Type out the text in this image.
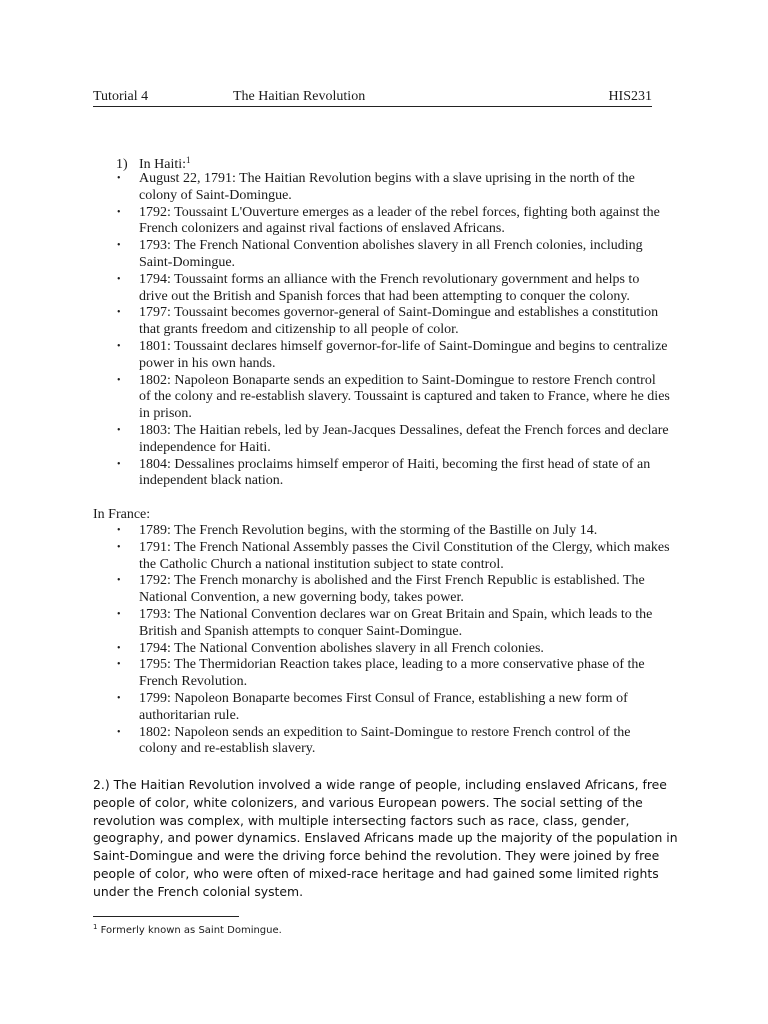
Tutorial 4	The Haitian Revolution	HIS231
1) In Haiti:$^1$
• August 22, 1791: The Haitian Revolution begins with a slave uprising in the north of the colony of Saint-Domingue.
• 1792: Toussaint L'Ouverture emerges as a leader of the rebel forces, fighting both against the French colonizers and against rival factions of enslaved Africans.
• 1793: The French National Convention abolishes slavery in all French colonies, including Saint-Domingue.
• 1794: Toussaint forms an alliance with the French revolutionary government and helps to drive out the British and Spanish forces that had been attempting to conquer the colony.
• 1797: Toussaint becomes governor-general of Saint-Domingue and establishes a constitution that grants freedom and citizenship to all people of color.
• 1801: Toussaint declares himself governor-for-life of Saint-Domingue and begins to centralize power in his own hands.
• 1802: Napoleon Bonaparte sends an expedition to Saint-Domingue to restore French control of the colony and re-establish slavery. Toussaint is captured and taken to France, where he dies in prison.
• 1803: The Haitian rebels, led by Jean-Jacques Dessalines, defeat the French forces and declare independence for Haiti.
• 1804: Dessalines proclaims himself emperor of Haiti, becoming the first head of state of an independent black nation.
In France:
• 1789: The French Revolution begins, with the storming of the Bastille on July 14.
• 1791: The French National Assembly passes the Civil Constitution of the Clergy, which makes the Catholic Church a national institution subject to state control.
• 1792: The French monarchy is abolished and the First French Republic is established. The National Convention, a new governing body, takes power.
• 1793: The National Convention declares war on Great Britain and Spain, which leads to the British and Spanish attempts to conquer Saint-Domingue.
• 1794: The National Convention abolishes slavery in all French colonies.
• 1795: The Thermidorian Reaction takes place, leading to a more conservative phase of the French Revolution.
• 1799: Napoleon Bonaparte becomes First Consul of France, establishing a new form of authoritarian rule.
• 1802: Napoleon sends an expedition to Saint-Domingue to restore French control of the colony and re-establish slavery.
2.) The Haitian Revolution involved a wide range of people, including enslaved Africans, free people of color, white colonizers, and various European powers. The social setting of the revolution was complex, with multiple intersecting factors such as race, class, gender, geography, and power dynamics. Enslaved Africans made up the majority of the population in Saint-Domingue and were the driving force behind the revolution. They were joined by free people of color, who were often of mixed-race heritage and had gained some limited rights under the French colonial system.
$^1$ Formerly known as Saint Domingue.
